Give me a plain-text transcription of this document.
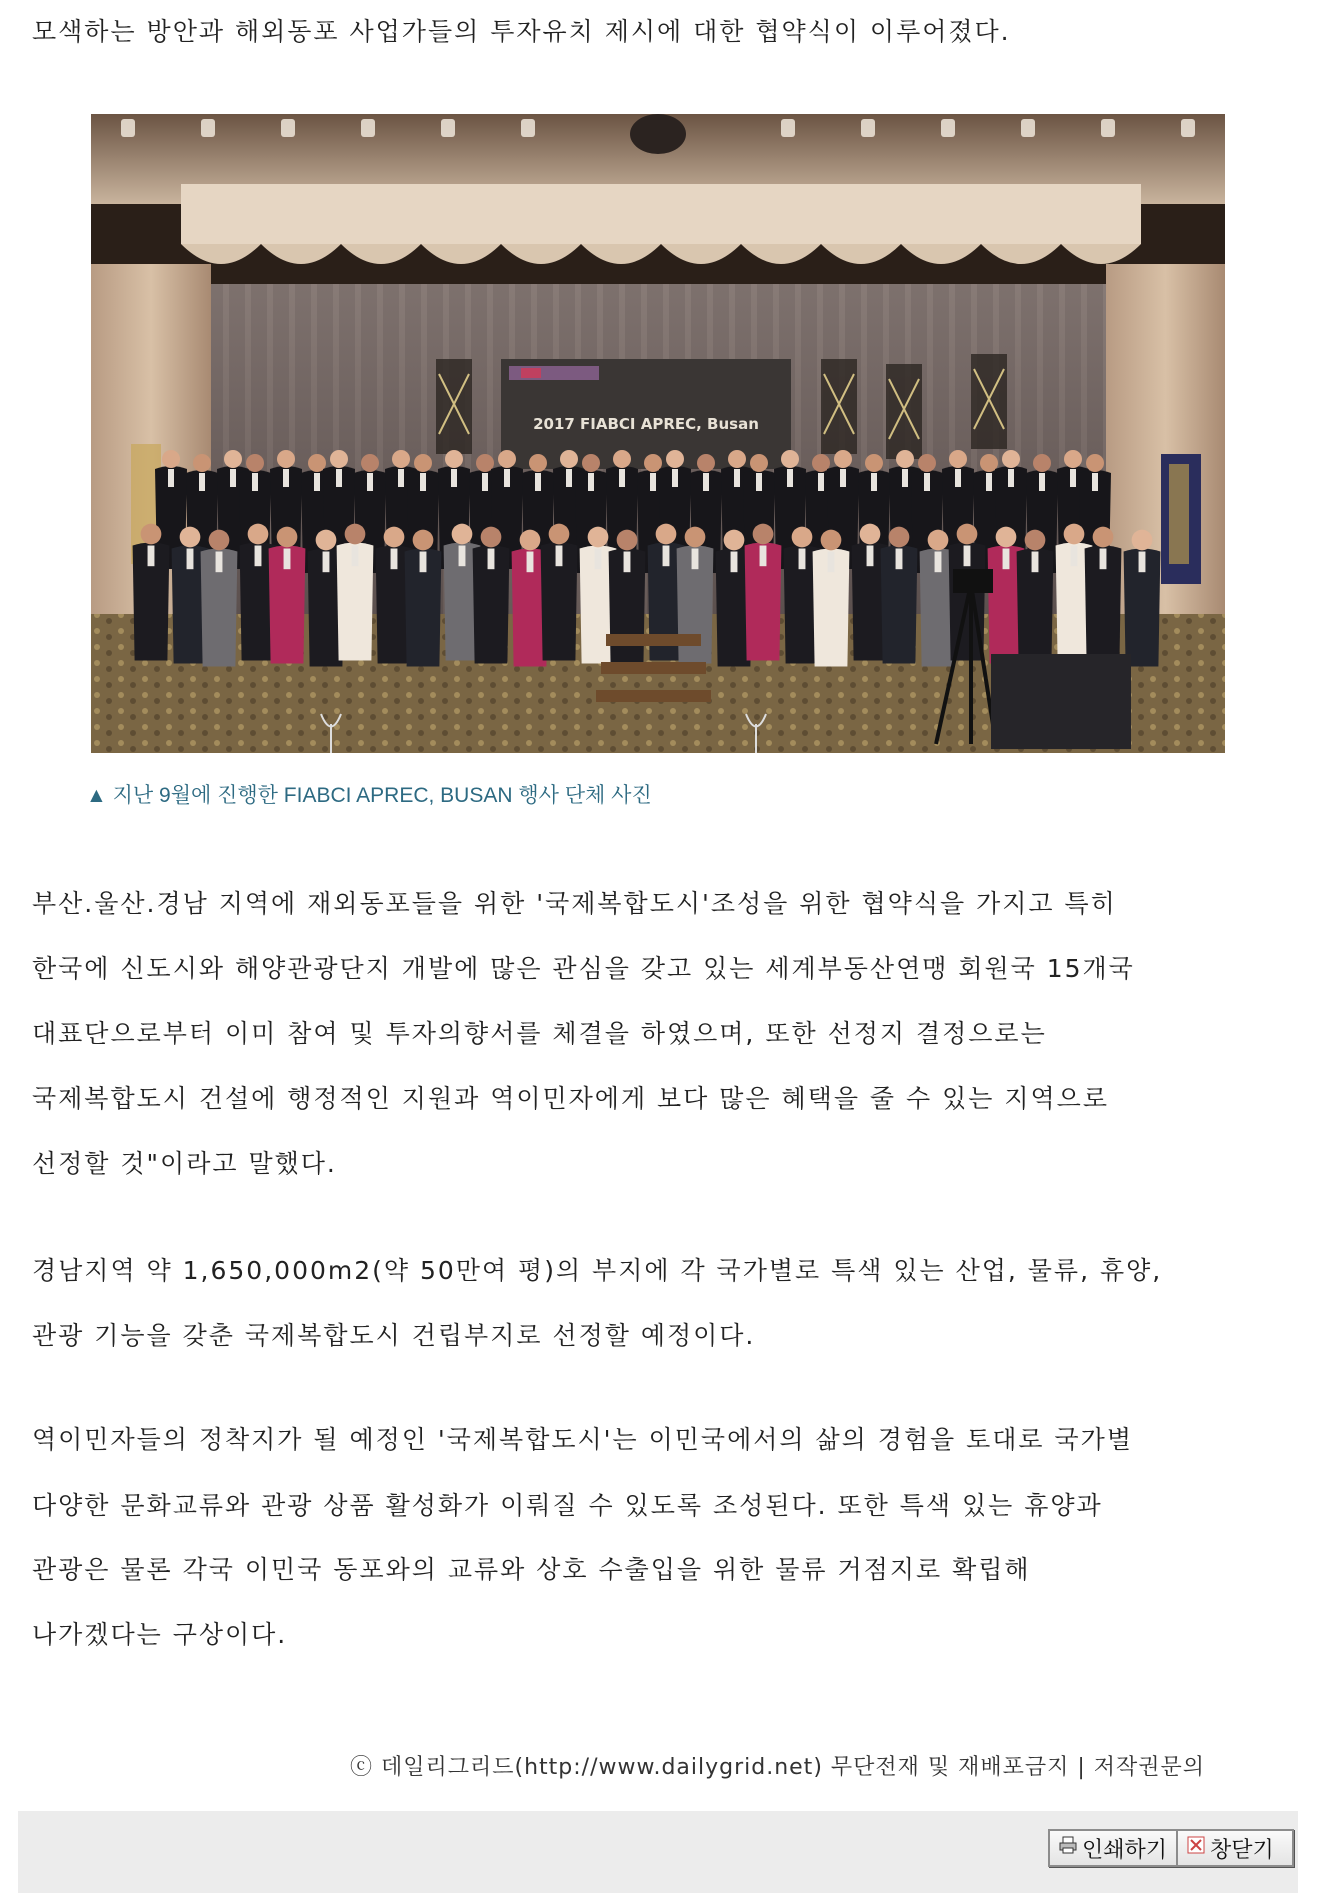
모색하는 방안과 해외동포 사업가들의 투자유치 제시에 대한 협약식이 이루어졌다.

2017 FIABCI APREC, Busan

▲ 지난 9월에 진행한 FIABCI APREC, BUSAN 행사 단체 사진

부산.울산.경남 지역에 재외동포들을 위한 '국제복합도시'조성을 위한 협약식을 가지고 특히

한국에 신도시와 해양관광단지 개발에 많은 관심을 갖고 있는 세계부동산연맹 회원국 15개국

대표단으로부터 이미 참여 및 투자의향서를 체결을 하였으며, 또한 선정지 결정으로는

국제복합도시 건설에 행정적인 지원과 역이민자에게 보다 많은 혜택을 줄 수 있는 지역으로

선정할 것"이라고 말했다.

경남지역 약 1,650,000m2(약 50만여 평)의 부지에 각 국가별로 특색 있는 산업, 물류, 휴양,

관광 기능을 갖춘 국제복합도시 건립부지로 선정할 예정이다.

역이민자들의 정착지가 될 예정인 '국제복합도시'는 이민국에서의 삶의 경험을 토대로 국가별

다양한 문화교류와 관광 상품 활성화가 이뤄질 수 있도록 조성된다. 또한 특색 있는 휴양과

관광은 물론 각국 이민국 동포와의 교류와 상호 수출입을 위한 물류 거점지로 확립해

나가겠다는 구상이다.

ⓒ 데일리그리드(http://www.dailygrid.net) 무단전재 및 재배포금지 | 저작권문의

인쇄하기 창닫기
